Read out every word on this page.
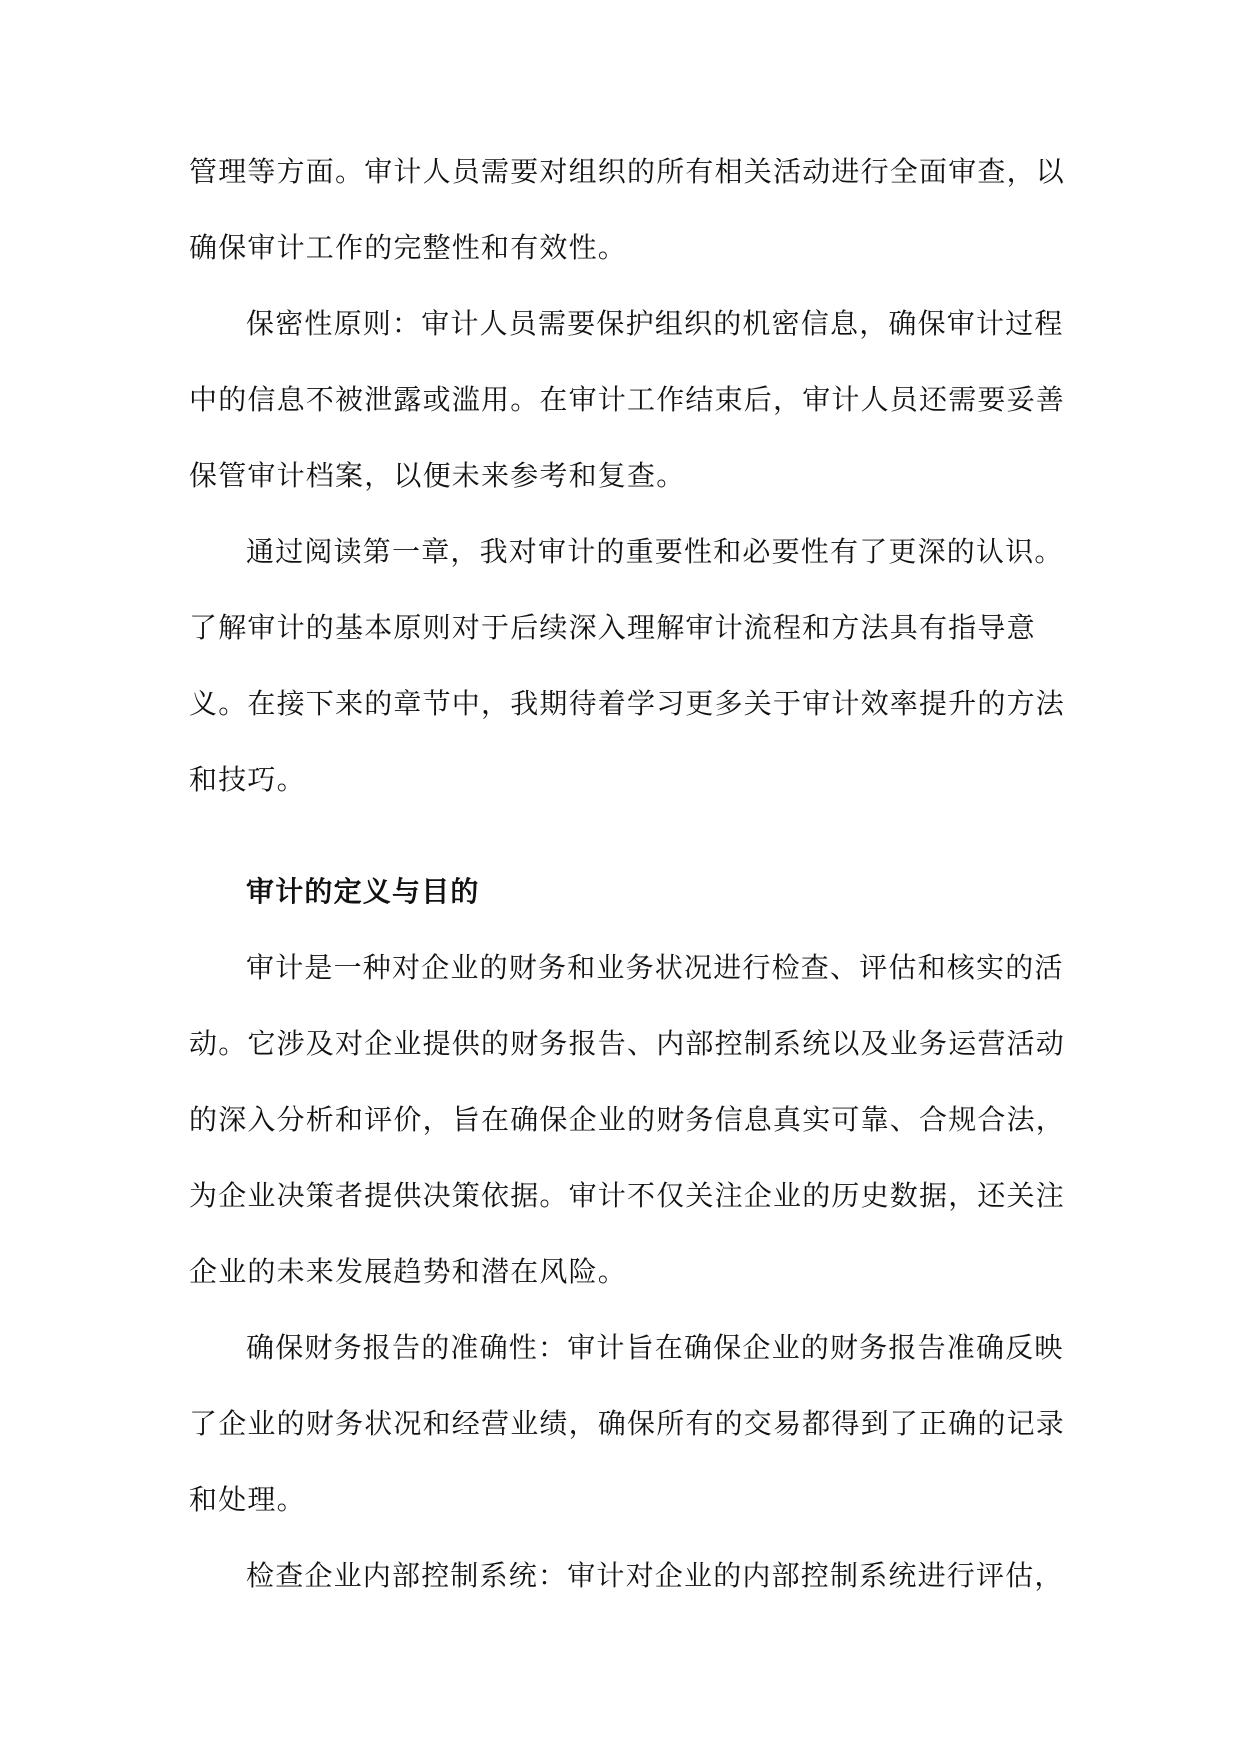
管理等方面。审计人员需要对组织的所有相关活动进行全面审查，以
确保审计工作的完整性和有效性。
保密性原则：审计人员需要保护组织的机密信息，确保审计过程
中的信息不被泄露或滥用。在审计工作结束后，审计人员还需要妥善
保管审计档案，以便未来参考和复查。
通过阅读第一章，我对审计的重要性和必要性有了更深的认识。
了解审计的基本原则对于后续深入理解审计流程和方法具有指导意
义。在接下来的章节中，我期待着学习更多关于审计效率提升的方法
和技巧。
审计的定义与目的
审计是一种对企业的财务和业务状况进行检查、评估和核实的活
动。它涉及对企业提供的财务报告、内部控制系统以及业务运营活动
的深入分析和评价，旨在确保企业的财务信息真实可靠、合规合法，
为企业决策者提供决策依据。审计不仅关注企业的历史数据，还关注
企业的未来发展趋势和潜在风险。
确保财务报告的准确性：审计旨在确保企业的财务报告准确反映
了企业的财务状况和经营业绩，确保所有的交易都得到了正确的记录
和处理。
检查企业内部控制系统：审计对企业的内部控制系统进行评估，
